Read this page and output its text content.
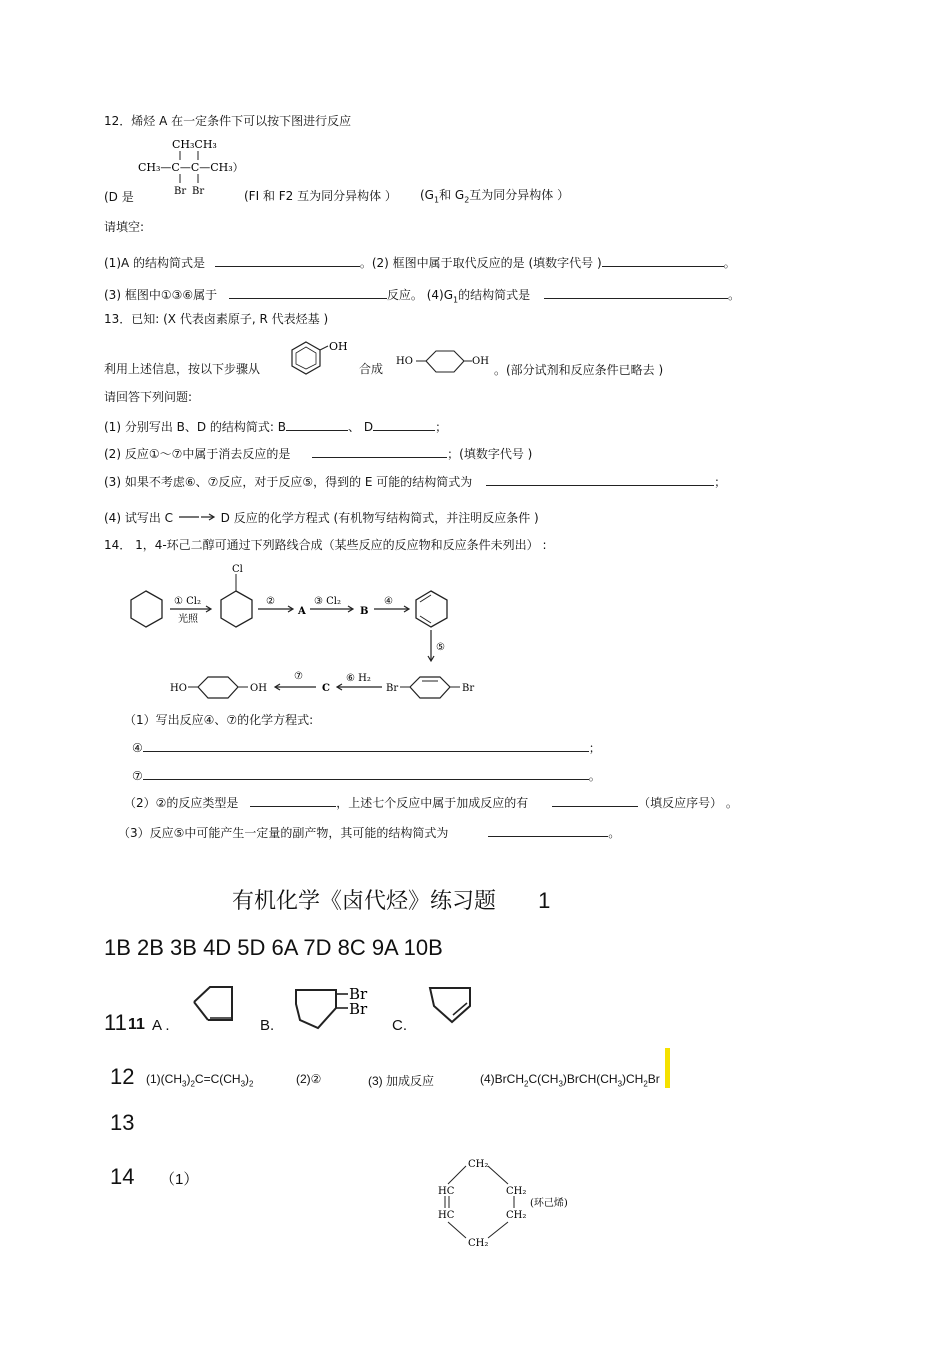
12．烯烃 A 在一定条件下可以按下图进行反应
CH₃CH₃
CH₃—C—C—CH₃）
Br Br
(D 是	(FI 和 F2 互为同分异构体 ） ($G_1$和 $G_2$互为同分异构体 ）
请填空:
(1)A 的结构简式是	。(2) 框图中属于取代反应的是 (填数字代号 )	。
(3) 框图中①③⑥属于	反应。 $(4)G_1$的结构简式是	。
13．已知: (X 代表卤素原子, R 代表烃基 )
OH
利用上述信息，按以下步骤从	合成
HO	OH
。(部分试剂和反应条件已略去 )
请回答下列问题:
(1) 分别写出 B、D 的结构简式: B	、 D	；
(2) 反应①～⑦中属于消去反应的是	；(填数字代号 )
(3) 如果不考虑⑥、⑦反应，对于反应⑤，得到的 E 可能的结构简式为	；
(4) 试写出 C	D 反应的化学方程式 (有机物写结构简式，并注明反应条件 )
14． 1，4-环己二醇可通过下列路线合成（某些反应的反应物和反应条件未列出） :
① Cl₂
光照
Cl
②
A
③ Cl₂
B
④
⑤
Br	Br
⑥ H₂
C
⑦
HO	OH
（1）写出反应④、⑦的化学方程式:
④	；
⑦	。
（2）②的反应类型是	，上述七个反应中属于加成反应的有	（填反应序号） 。
（3）反应⑤中可能产生一定量的副产物，其可能的结构简式为	。
有机化学《卤代烃》练习题 1
1B 2B 3B 4D 5D 6A 7D 8C 9A 10B
11 11 A .	B.
Br
Br
C.
12 $(1)(CH_3)_2C=C(CH_3)_2$	(2)②	(3) 加成反应	$(4)BrCH_2C(CH_3)BrCH(CH_3)CH_2Br$
13
14 （1）
CH₂
HC
HC
CH₂
CH₂
CH₂
(环己烯)
